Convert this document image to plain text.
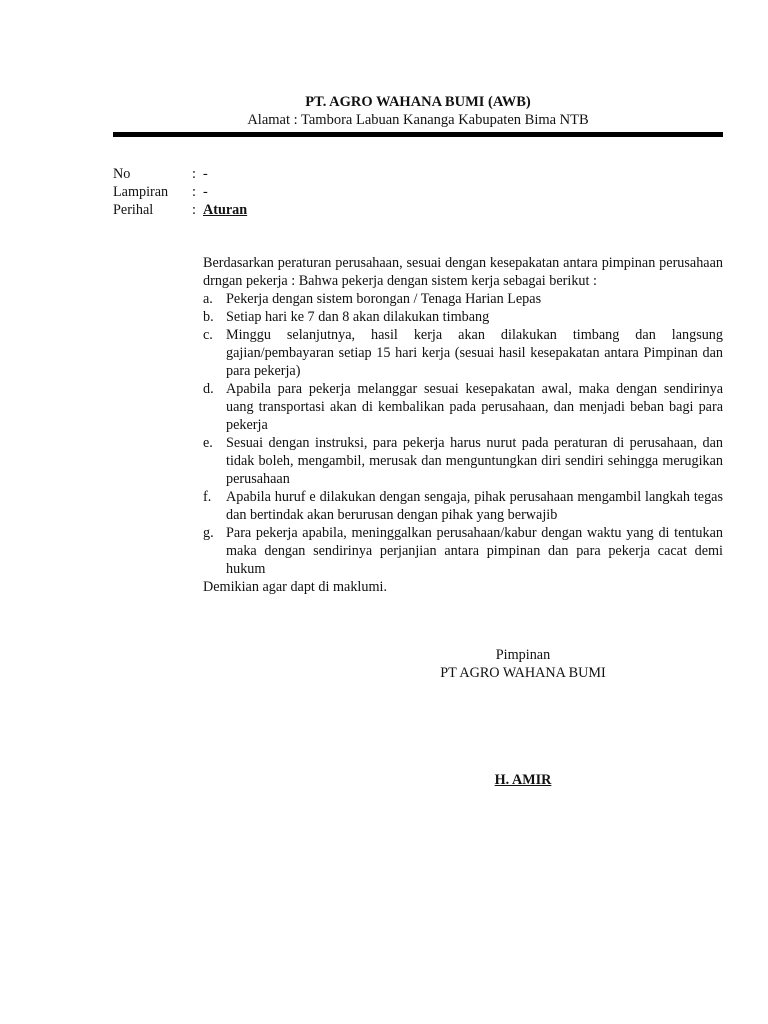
PT. AGRO WAHANA BUMI (AWB)
Alamat : Tambora Labuan Kananga Kabupaten Bima NTB
No	: -
Lampiran	: -
Perihal	: Aturan

Berdasarkan peraturan perusahaan, sesuai dengan kesepakatan antara pimpinan perusahaan drngan pekerja : Bahwa pekerja dengan sistem kerja sebagai berikut :

a. Pekerja dengan sistem borongan / Tenaga Harian Lepas
b. Setiap hari ke 7 dan 8 akan dilakukan timbang
c. Minggu selanjutnya, hasil kerja akan dilakukan timbang dan langsung gajian/pembayaran setiap 15 hari kerja (sesuai hasil kesepakatan antara Pimpinan dan para pekerja)
d. Apabila para pekerja melanggar sesuai kesepakatan awal, maka dengan sendirinya uang transportasi akan di kembalikan pada perusahaan, dan menjadi beban bagi para pekerja
e. Sesuai dengan instruksi, para pekerja harus nurut pada peraturan di perusahaan, dan tidak boleh, mengambil, merusak dan menguntungkan diri sendiri sehingga merugikan perusahaan
f.	Apabila huruf e dilakukan dengan sengaja, pihak perusahaan mengambil langkah tegas dan bertindak akan berurusan dengan pihak yang berwajib
g. Para pekerja apabila, meninggalkan perusahaan/kabur dengan waktu yang di tentukan maka dengan sendirinya perjanjian antara pimpinan dan para pekerja cacat demi hukum

Demikian agar dapt di maklumi.

Pimpinan
PT AGRO WAHANA BUMI
H. AMIR
